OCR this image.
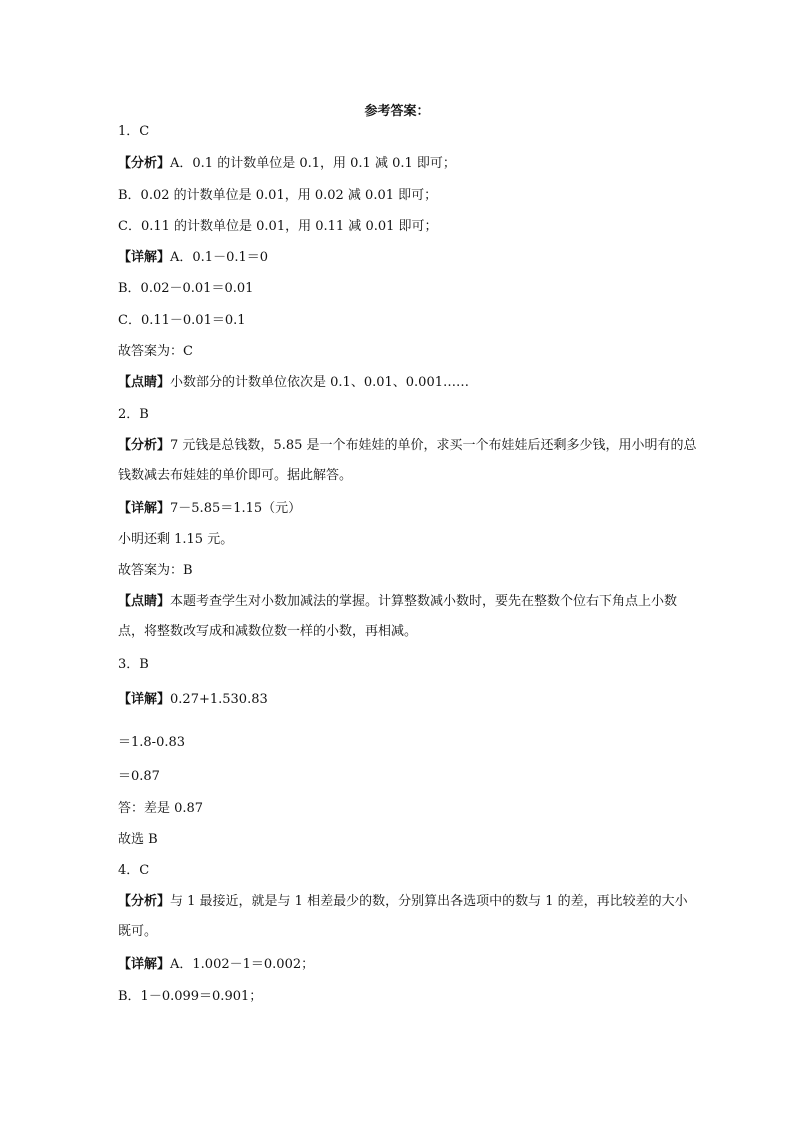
参考答案：
1．C
【分析】A．0.1 的计数单位是 0.1，用 0.1 减 0.1 即可；
B．0.02 的计数单位是 0.01，用 0.02 减 0.01 即可；
C．0.11 的计数单位是 0.01，用 0.11 减 0.01 即可；
【详解】A．0.1－0.1＝0
B．0.02－0.01＝0.01
C．0.11－0.01＝0.1
故答案为：C
【点睛】小数部分的计数单位依次是 0.1、0.01、0.001……
2．B
【分析】7 元钱是总钱数，5.85 是一个布娃娃的单价，求买一个布娃娃后还剩多少钱，用小明有的总钱数减去布娃娃的单价即可。据此解答。
【详解】7－5.85＝1.15（元）
小明还剩 1.15 元。
故答案为：B
【点睛】本题考查学生对小数加减法的掌握。计算整数减小数时，要先在整数个位右下角点上小数点，将整数改写成和减数位数一样的小数，再相减。
3．B
【详解】0.27+1.530.83
＝1.8-0.83
＝0.87
答：差是 0.87
故选 B
4．C
【分析】与 1 最接近，就是与 1 相差最少的数，分别算出各选项中的数与 1 的差，再比较差的大小既可。
【详解】A．1.002－1＝0.002；
B．1－0.099＝0.901；
